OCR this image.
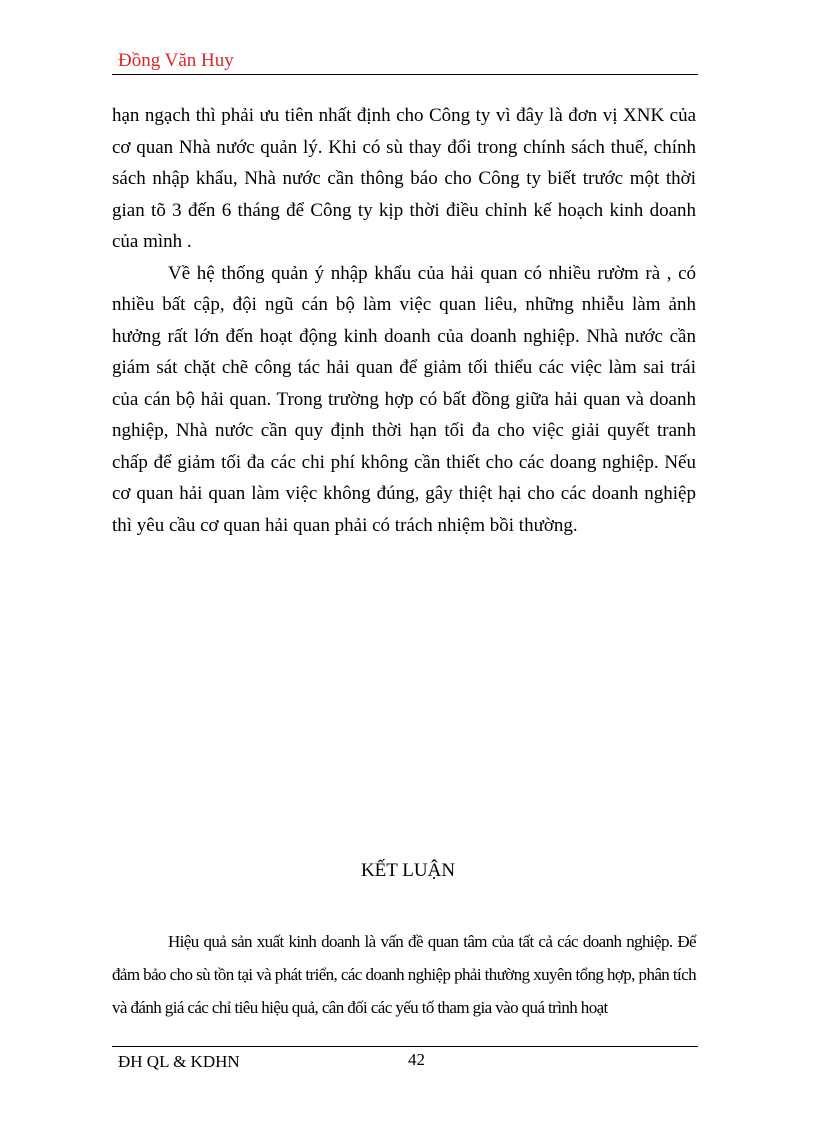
Đồng Văn Huy

hạn ngạch thì phải ưu tiên nhất định cho Công ty vì đây là đơn vị XNK của cơ quan Nhà nước quản lý. Khi có sù thay đổi trong chính sách thuế, chính sách nhập khẩu, Nhà nước cần thông báo cho Công ty biết trước một thời gian tõ 3 đến 6 tháng để Công ty kịp thời điều chỉnh kế hoạch kinh doanh của mình .

Về hệ thống quản ý nhập khẩu của hải quan có nhiều rườm rà , có nhiều bất cập, đội ngũ cán bộ làm việc quan liêu, những nhiễu làm ảnh hưởng rất lớn đến hoạt động kinh doanh của doanh nghiệp. Nhà nước cần giám sát chặt chẽ công tác hải quan để giảm tối thiểu các việc làm sai trái của cán bộ hải quan. Trong trường hợp có bất đồng giữa hải quan và doanh nghiệp, Nhà nước cần quy định thời hạn tối đa cho việc giải quyết tranh chấp để giảm tối đa các chi phí không cần thiết cho các doang nghiệp. Nếu cơ quan hải quan làm việc không đúng, gây thiệt hại cho các doanh nghiệp thì yêu cầu cơ quan hải quan phải có trách nhiệm bồi thường.

KẾT LUẬN

Hiệu quả sản xuất kinh doanh là vấn đề quan tâm của tất cả các doanh nghiệp. Để đảm bảo cho sù tồn tại và phát triển, các doanh nghiệp phải thường xuyên tổng hợp, phân tích và đánh giá các chỉ tiêu hiệu quả, cân đối các yếu tố tham gia vào quá trình hoạt

ĐH QL & KDHN	42
